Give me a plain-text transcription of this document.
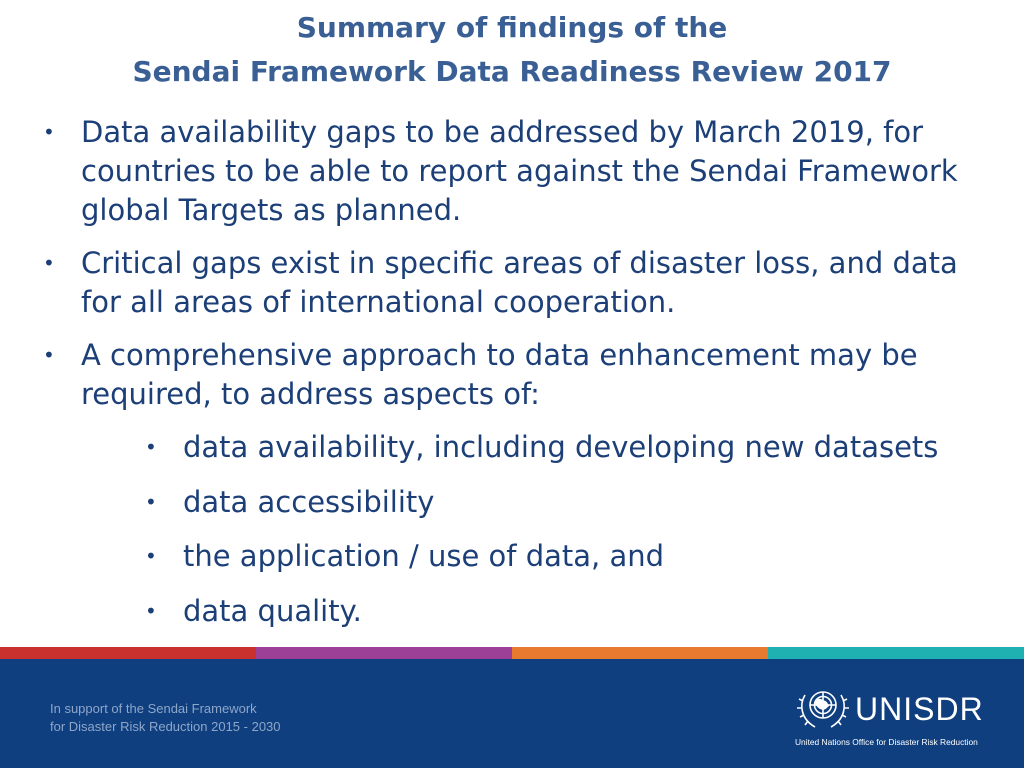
Summary of findings of the
Sendai Framework Data Readiness Review 2017
• Data availability gaps to be addressed by March 2019, for countries to be able to report against the Sendai Framework global Targets as planned.
• Critical gaps exist in specific areas of disaster loss, and data for all areas of international cooperation.
• A comprehensive approach to data enhancement may be required, to address aspects of:
• data availability, including developing new datasets
• data accessibility
• the application / use of data, and
• data quality.
In support of the Sendai Framework
for Disaster Risk Reduction 2015 - 2030	UNISDR
United Nations Office for Disaster Risk Reduction
